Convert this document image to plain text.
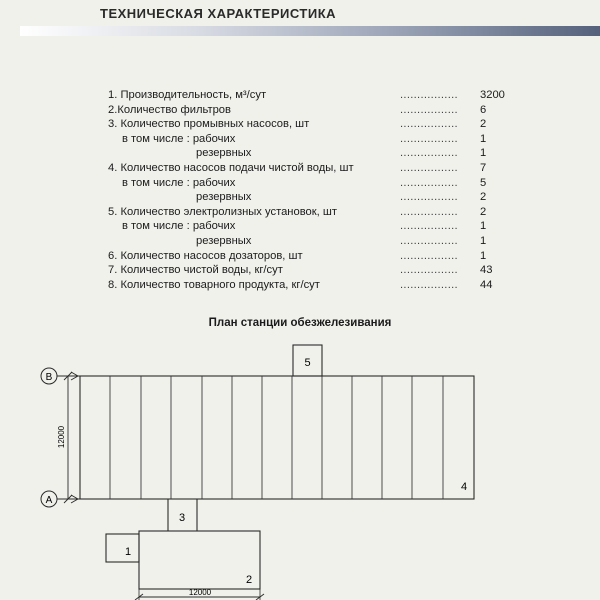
ТЕХНИЧЕСКАЯ ХАРАКТЕРИСТИКА
1. Производительность, м³/сут	.................	3200
2.Количество фильтров	.................	6
3. Количество промывных насосов, шт	.................	2
в том числе : рабочих	.................	1
резервных	.................	1
4. Количество насосов подачи чистой воды, шт	.................	7
в том числе : рабочих	.................	5
резервных	.................	2
5. Количество электролизных установок, шт	.................	2
в том числе : рабочих	.................	1
резервных	.................	1
6. Количество насосов дозаторов, шт	.................	1
7. Количество чистой воды, кг/сут	.................	43
8. Количество товарного продукта, кг/сут	.................	44
План станции обезжелезивания
5
4
B
A
12000
3
1
2
12000
